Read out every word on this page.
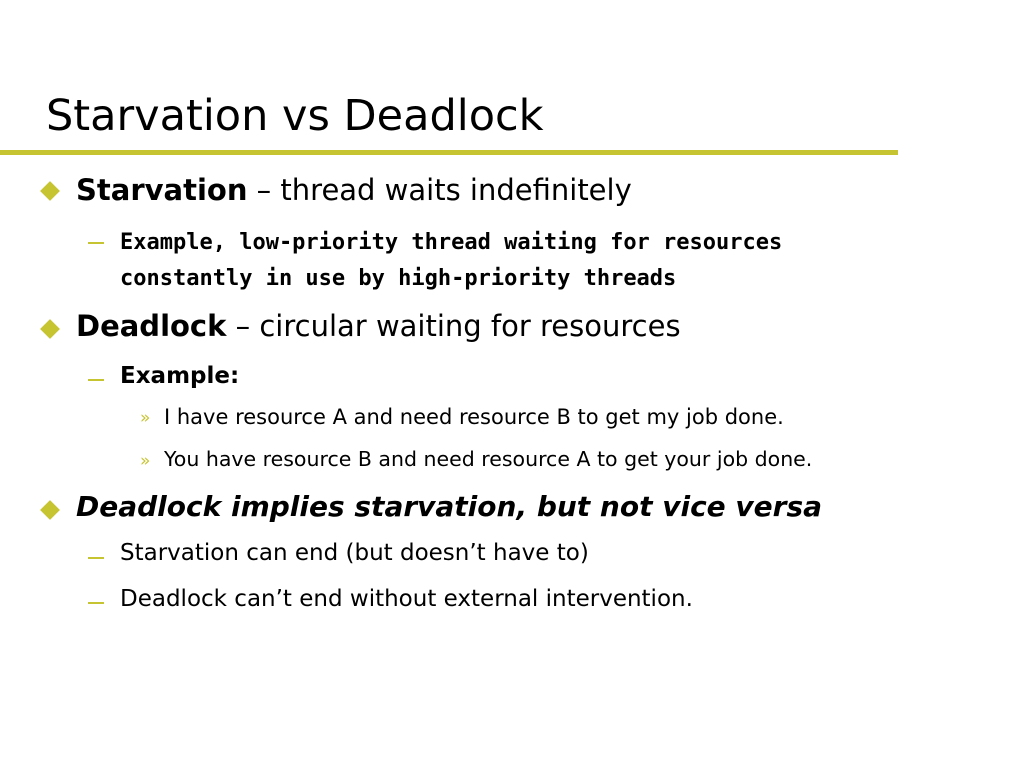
Starvation vs Deadlock
Starvation – thread waits indefinitely
Example, low-priority thread waiting for resources
constantly in use by high-priority threads
Deadlock – circular waiting for resources
Example:
» I have resource A and need resource B to get my job done.
» You have resource B and need resource A to get your job done.
Deadlock implies starvation, but not vice versa
Starvation can end (but doesn’t have to)
Deadlock can’t end without external intervention.
